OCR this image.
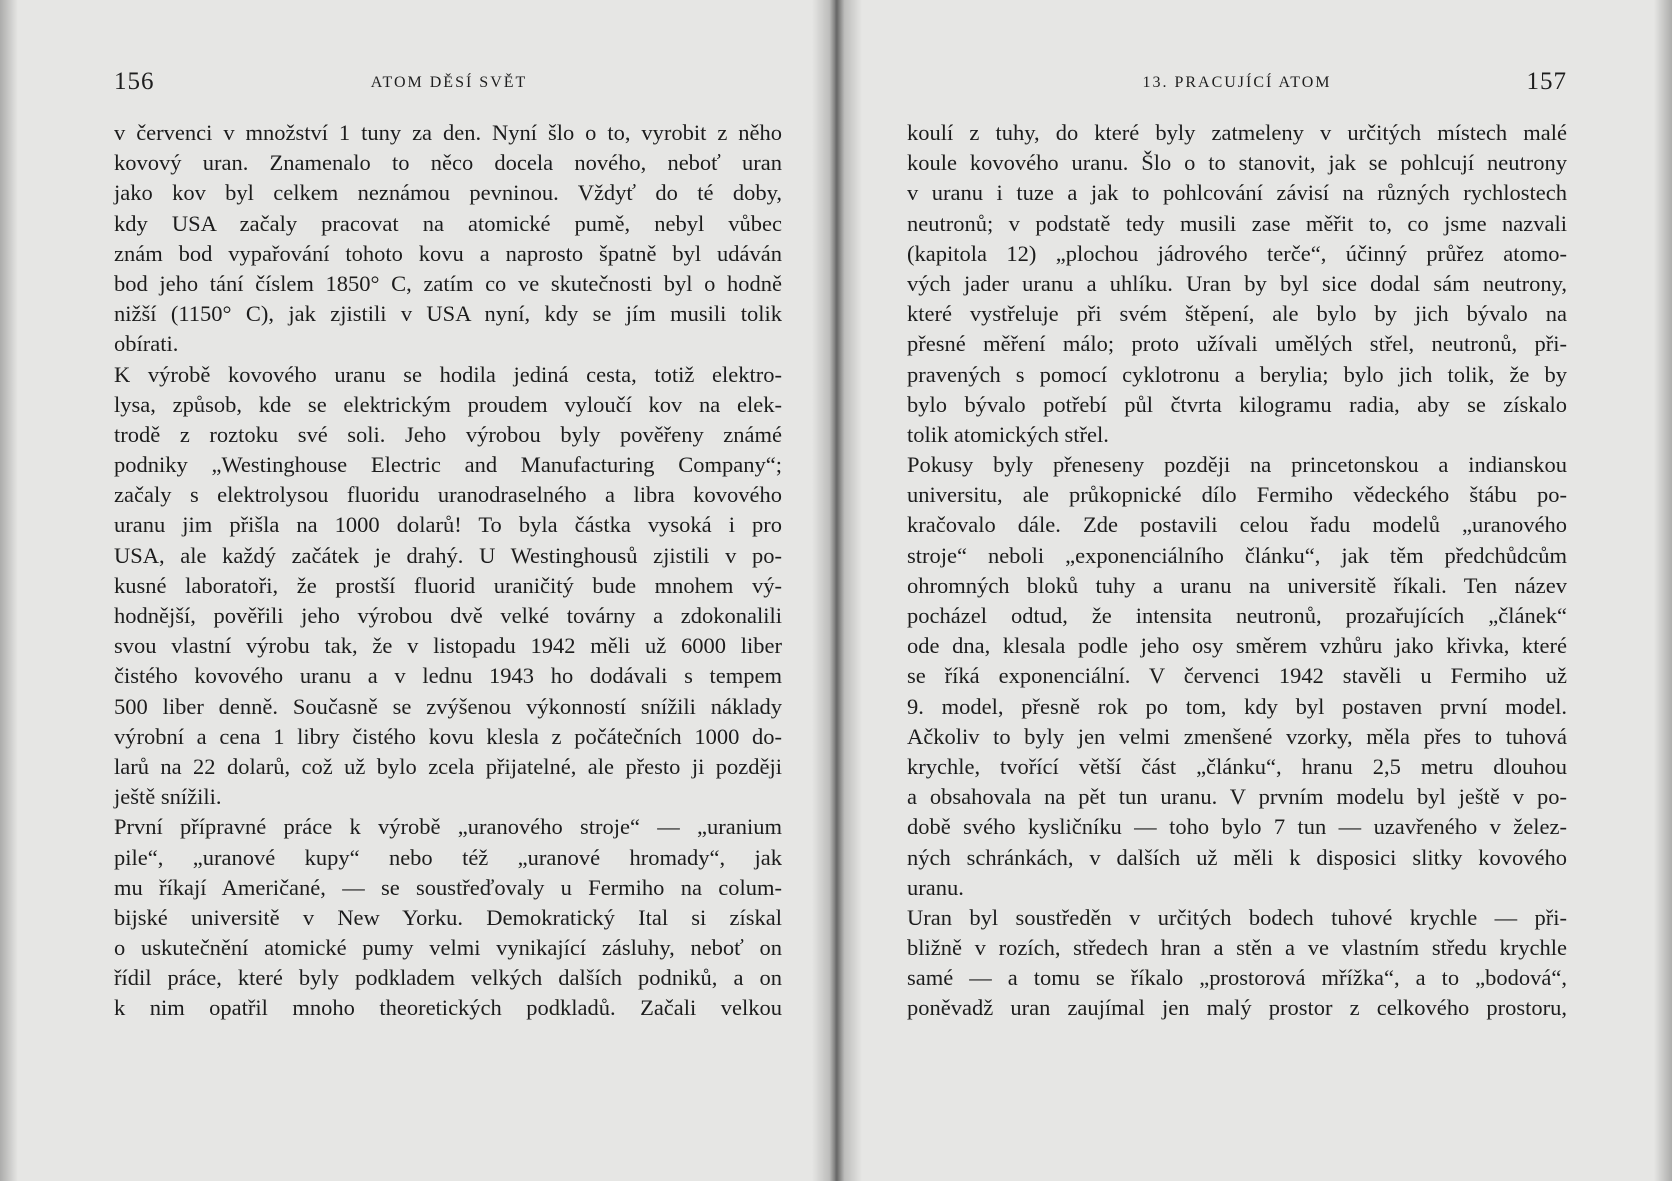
156	ATOM DĚSÍ SVĚT
v červenci v množství 1 tuny za den. Nyní šlo o to, vyrobit z něho
kovový uran. Znamenalo to něco docela nového, neboť uran
jako kov byl celkem neznámou pevninou. Vždyť do té doby,
kdy USA začaly pracovat na atomické pumě, nebyl vůbec
znám bod vypařování tohoto kovu a naprosto špatně byl udáván
bod jeho tání číslem 1850° C, zatím co ve skutečnosti byl o hodně
nižší (1150° C), jak zjistili v USA nyní, kdy se jím musili tolik
obírati.
K výrobě kovového uranu se hodila jediná cesta, totiž elektro-
lysa, způsob, kde se elektrickým proudem vyloučí kov na elek-
trodě z roztoku své soli. Jeho výrobou byly pověřeny známé
podniky „Westinghouse Electric and Manufacturing Company“;
začaly s elektrolysou fluoridu uranodraselného a libra kovového
uranu jim přišla na 1000 dolarů! To byla částka vysoká i pro
USA, ale každý začátek je drahý. U Westinghousů zjistili v po-
kusné laboratoři, že prostší fluorid uraničitý bude mnohem vý-
hodnější, pověřili jeho výrobou dvě velké továrny a zdokonalili
svou vlastní výrobu tak, že v listopadu 1942 měli už 6000 liber
čistého kovového uranu a v lednu 1943 ho dodávali s tempem
500 liber denně. Současně se zvýšenou výkonností snížili náklady
výrobní a cena 1 libry čistého kovu klesla z počátečních 1000 do-
larů na 22 dolarů, což už bylo zcela přijatelné, ale přesto ji později
ještě snížili.
První přípravné práce k výrobě „uranového stroje“ — „uranium
pile“, „uranové kupy“ nebo též „uranové hromady“, jak
mu říkají Američané, — se soustřeďovaly u Fermiho na colum-
bijské universitě v New Yorku. Demokratický Ital si získal
o uskutečnění atomické pumy velmi vynikající zásluhy, neboť on
řídil práce, které byly podkladem velkých dalších podniků, a on
k nim opatřil mnoho theoretických podkladů. Začali velkou
13. PRACUJÍCÍ ATOM	157
koulí z tuhy, do které byly zatmeleny v určitých místech malé
koule kovového uranu. Šlo o to stanovit, jak se pohlcují neutrony
v uranu i tuze a jak to pohlcování závisí na různých rychlostech
neutronů; v podstatě tedy musili zase měřit to, co jsme nazvali
(kapitola 12) „plochou jádrového terče“, účinný průřez atomo-
vých jader uranu a uhlíku. Uran by byl sice dodal sám neutrony,
které vystřeluje při svém štěpení, ale bylo by jich bývalo na
přesné měření málo; proto užívali umělých střel, neutronů, při-
pravených s pomocí cyklotronu a berylia; bylo jich tolik, že by
bylo bývalo potřebí půl čtvrta kilogramu radia, aby se získalo
tolik atomických střel.
Pokusy byly přeneseny později na princetonskou a indianskou
universitu, ale průkopnické dílo Fermiho vědeckého štábu po-
kračovalo dále. Zde postavili celou řadu modelů „uranového
stroje“ neboli „exponenciálního článku“, jak těm předchůdcům
ohromných bloků tuhy a uranu na universitě říkali. Ten název
pocházel odtud, že intensita neutronů, prozařujících „článek“
ode dna, klesala podle jeho osy směrem vzhůru jako křivka, které
se říká exponenciální. V červenci 1942 stavěli u Fermiho už
9. model, přesně rok po tom, kdy byl postaven první model.
Ačkoliv to byly jen velmi zmenšené vzorky, měla přes to tuhová
krychle, tvořící větší část „článku“, hranu 2,5 metru dlouhou
a obsahovala na pět tun uranu. V prvním modelu byl ještě v po-
době svého kysličníku — toho bylo 7 tun — uzavřeného v želez-
ných schránkách, v dalších už měli k disposici slitky kovového
uranu.
Uran byl soustředěn v určitých bodech tuhové krychle — při-
bližně v rozích, středech hran a stěn a ve vlastním středu krychle
samé — a tomu se říkalo „prostorová mřížka“, a to „bodová“,
poněvadž uran zaujímal jen malý prostor z celkového prostoru,
